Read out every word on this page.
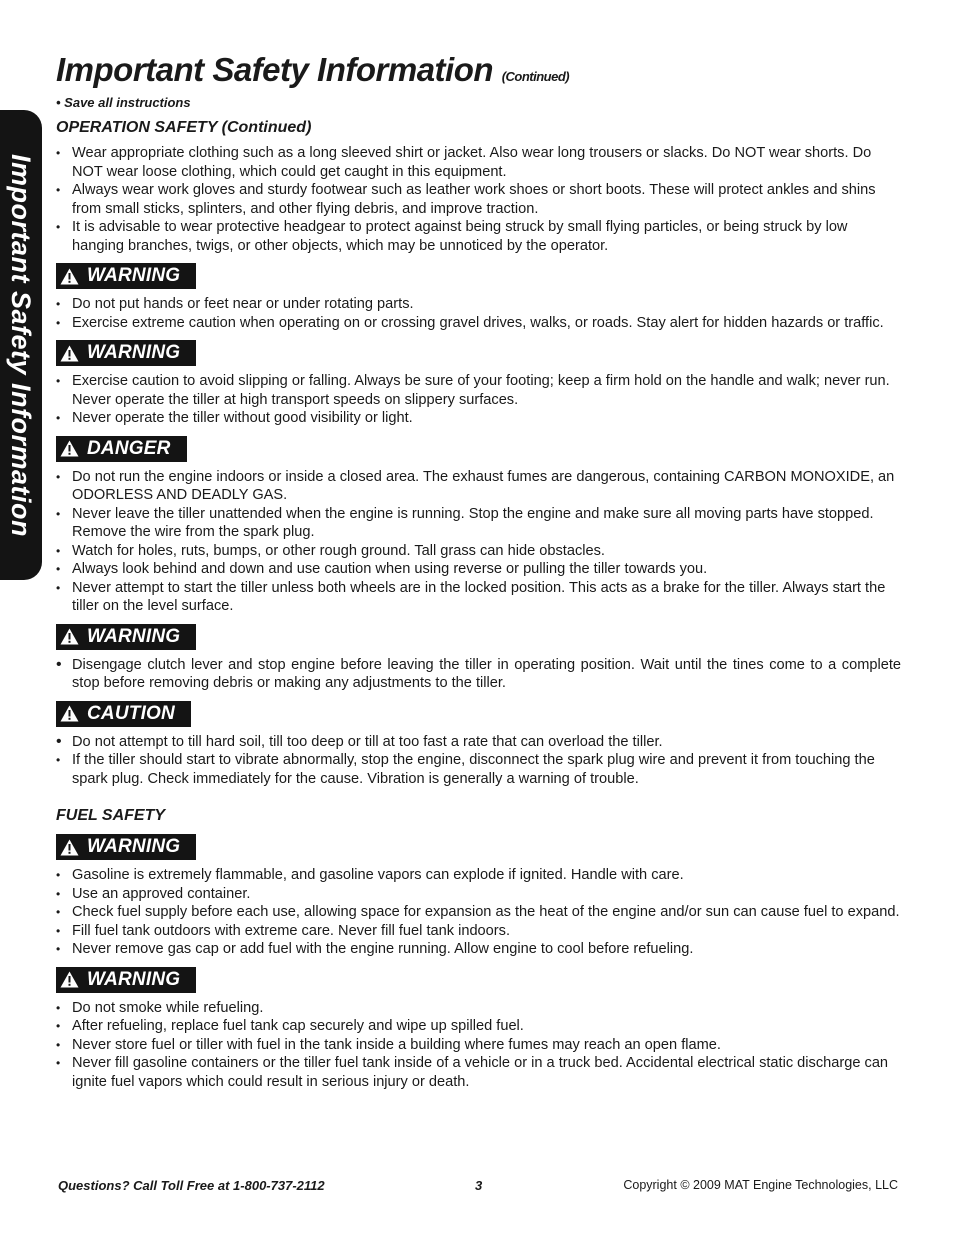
Important Safety Information
Important Safety Information (Continued)
• Save all instructions
OPERATION SAFETY (Continued)
• Wear appropriate clothing such as a long sleeved shirt or jacket. Also wear long trousers or slacks. Do NOT wear shorts. Do NOT wear loose clothing, which could get caught in this equipment.
• Always wear work gloves and sturdy footwear such as leather work shoes or short boots. These will protect ankles and shins from small sticks, splinters, and other flying debris, and improve traction.
• It is advisable to wear protective headgear to protect against being struck by small flying particles, or being struck by low hanging branches, twigs, or other objects, which may be unnoticed by the operator.
WARNING
• Do not put hands or feet near or under rotating parts.
• Exercise extreme caution when operating on or crossing gravel drives, walks, or roads. Stay alert for hidden hazards or traffic.
WARNING
• Exercise caution to avoid slipping or falling. Always be sure of your footing; keep a firm hold on the handle and walk; never run. Never operate the tiller at high transport speeds on slippery surfaces.
• Never operate the tiller without good visibility or light.
DANGER
• Do not run the engine indoors or inside a closed area. The exhaust fumes are dangerous, containing CARBON MONOXIDE, an ODORLESS AND DEADLY GAS.
• Never leave the tiller unattended when the engine is running. Stop the engine and make sure all moving parts have stopped. Remove the wire from the spark plug.
• Watch for holes, ruts, bumps, or other rough ground. Tall grass can hide obstacles.
• Always look behind and down and use caution when using reverse or pulling the tiller towards you.
• Never attempt to start the tiller unless both wheels are in the locked position. This acts as a brake for the tiller. Always start the tiller on the level surface.
WARNING
• Disengage clutch lever and stop engine before leaving the tiller in operating position. Wait until the tines come to a complete stop before removing debris or making any adjustments to the tiller.
CAUTION
• Do not attempt to till hard soil, till too deep or till at too fast a rate that can overload the tiller.
• If the tiller should start to vibrate abnormally, stop the engine, disconnect the spark plug wire and prevent it from touching the spark plug. Check immediately for the cause. Vibration is generally a warning of trouble.
FUEL SAFETY
WARNING
• Gasoline is extremely flammable, and gasoline vapors can explode if ignited. Handle with care.
• Use an approved container.
• Check fuel supply before each use, allowing space for expansion as the heat of the engine and/or sun can cause fuel to expand.
• Fill fuel tank outdoors with extreme care. Never fill fuel tank indoors.
• Never remove gas cap or add fuel with the engine running. Allow engine to cool before refueling.
WARNING
• Do not smoke while refueling.
• After refueling, replace fuel tank cap securely and wipe up spilled fuel.
• Never store fuel or tiller with fuel in the tank inside a building where fumes may reach an open flame.
• Never fill gasoline containers or the tiller fuel tank inside of a vehicle or in a truck bed. Accidental electrical static discharge can ignite fuel vapors which could result in serious injury or death.
Questions? Call Toll Free at 1-800-737-2112	3	Copyright © 2009 MAT Engine Technologies, LLC
